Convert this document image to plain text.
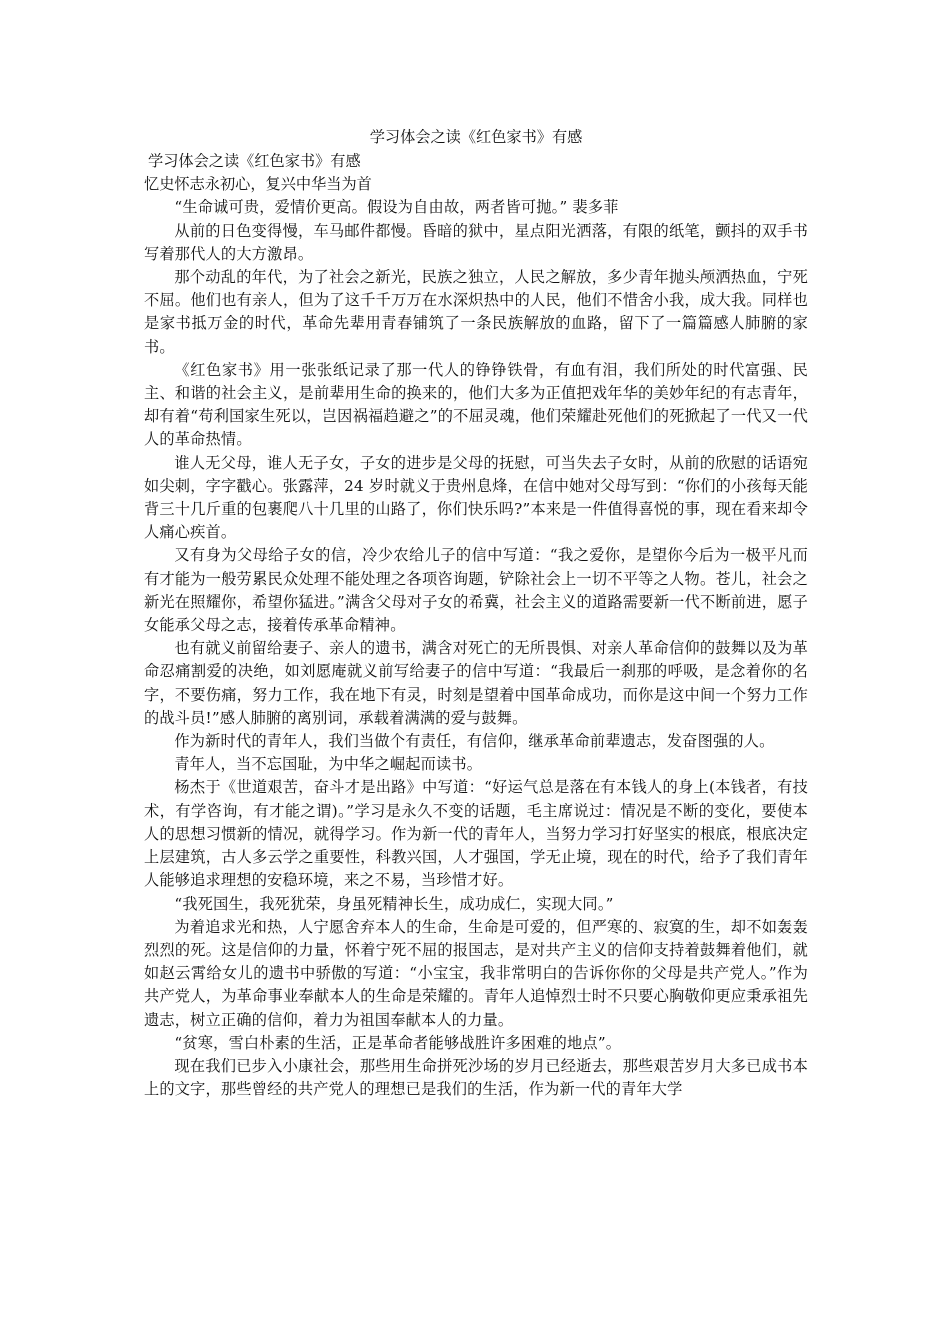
学习体会之读《红色家书》有感

学习体会之读《红色家书》有感

忆史怀志永初心，复兴中华当为首

“生命诚可贵，爱情价更高。假设为自由故，两者皆可抛。” 裴多菲

从前的日色变得慢，车马邮件都慢。昏暗的狱中，星点阳光洒落，有限的纸笔，颤抖的双手书写着那代人的大方激昂。

那个动乱的年代，为了社会之新光，民族之独立，人民之解放，多少青年抛头颅洒热血，宁死不屈。他们也有亲人，但为了这千千万万在水深炽热中的人民，他们不惜舍小我，成大我。同样也是家书抵万金的时代，革命先辈用青春铺筑了一条民族解放的血路，留下了一篇篇感人肺腑的家书。

《红色家书》用一张张纸记录了那一代人的铮铮铁骨，有血有泪，我们所处的时代富强、民主、和谐的社会主义，是前辈用生命的换来的，他们大多为正值把戏年华的美妙年纪的有志青年，却有着“苟利国家生死以，岂因祸福趋避之”的不屈灵魂，他们荣耀赴死他们的死掀起了一代又一代人的革命热情。

谁人无父母，谁人无子女，子女的进步是父母的抚慰，可当失去子女时，从前的欣慰的话语宛如尖刺，字字戳心。张露萍，24 岁时就义于贵州息烽，在信中她对父母写到：“你们的小孩每天能背三十几斤重的包裹爬八十几里的山路了，你们快乐吗?”本来是一件值得喜悦的事，现在看来却令人痛心疾首。

又有身为父母给子女的信，冷少农给儿子的信中写道：“我之爱你，是望你今后为一极平凡而有才能为一般劳累民众处理不能处理之各项咨询题，铲除社会上一切不平等之人物。苍儿，社会之新光在照耀你，希望你猛进。”满含父母对子女的希冀，社会主义的道路需要新一代不断前进，愿子女能承父母之志，接着传承革命精神。

也有就义前留给妻子、亲人的遗书，满含对死亡的无所畏惧、对亲人革命信仰的鼓舞以及为革命忍痛割爱的决绝，如刘愿庵就义前写给妻子的信中写道：“我最后一刹那的呼吸，是念着你的名字，不要伤痛，努力工作，我在地下有灵，时刻是望着中国革命成功，而你是这中间一个努力工作的战斗员!”感人肺腑的离别词，承载着满满的爱与鼓舞。

作为新时代的青年人，我们当做个有责任，有信仰，继承革命前辈遗志，发奋图强的人。

青年人，当不忘国耻，为中华之崛起而读书。

杨杰于《世道艰苦，奋斗才是出路》中写道：“好运气总是落在有本钱人的身上(本钱者，有技术，有学咨询，有才能之谓)。”学习是永久不变的话题，毛主席说过：情况是不断的变化，要使本人的思想习惯新的情况，就得学习。作为新一代的青年人，当努力学习打好坚实的根底，根底决定上层建筑，古人多云学之重要性，科教兴国，人才强国，学无止境，现在的时代，给予了我们青年人能够追求理想的安稳环境，来之不易，当珍惜才好。

“我死国生，我死犹荣，身虽死精神长生，成功成仁，实现大同。”

为着追求光和热，人宁愿舍弃本人的生命，生命是可爱的，但严寒的、寂寞的生，却不如轰轰烈烈的死。这是信仰的力量，怀着宁死不屈的报国志，是对共产主义的信仰支持着鼓舞着他们，就如赵云霄给女儿的遗书中骄傲的写道：“小宝宝，我非常明白的告诉你你的父母是共产党人。”作为共产党人，为革命事业奉献本人的生命是荣耀的。青年人追悼烈士时不只要心胸敬仰更应秉承祖先遗志，树立正确的信仰，着力为祖国奉献本人的力量。

“贫寒，雪白朴素的生活，正是革命者能够战胜许多困难的地点”。

现在我们已步入小康社会，那些用生命拼死沙场的岁月已经逝去，那些艰苦岁月大多已成书本上的文字，那些曾经的共产党人的理想已是我们的生活，作为新一代的青年大学
